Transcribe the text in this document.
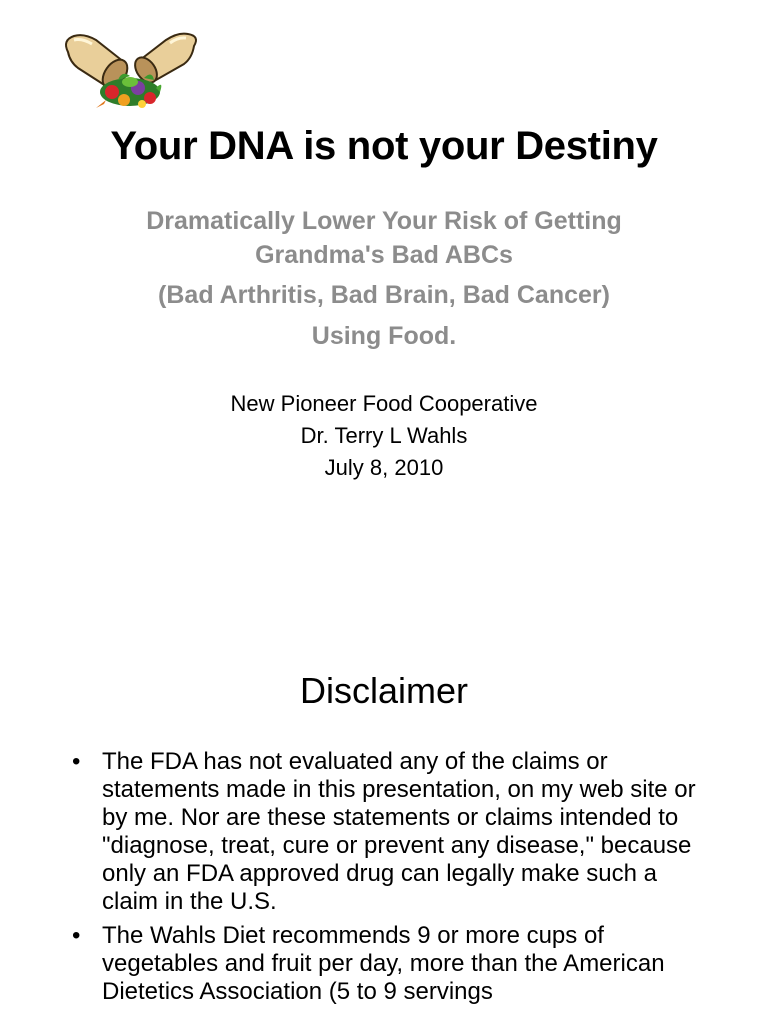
Your DNA is not your Destiny
Dramatically Lower Your Risk of Getting Grandma's Bad ABCs
(Bad Arthritis, Bad Brain, Bad Cancer)
Using Food.
New Pioneer Food Cooperative
Dr. Terry L Wahls
July 8, 2010
Disclaimer
• The FDA has not evaluated any of the claims or statements made in this presentation, on my web site or by me. Nor are these statements or claims intended to "diagnose, treat, cure or prevent any disease," because only an FDA approved drug can legally make such a claim in the U.S.
• The Wahls Diet recommends 9 or more cups of vegetables and fruit per day, more than the American Dietetics Association (5 to 9 servings
